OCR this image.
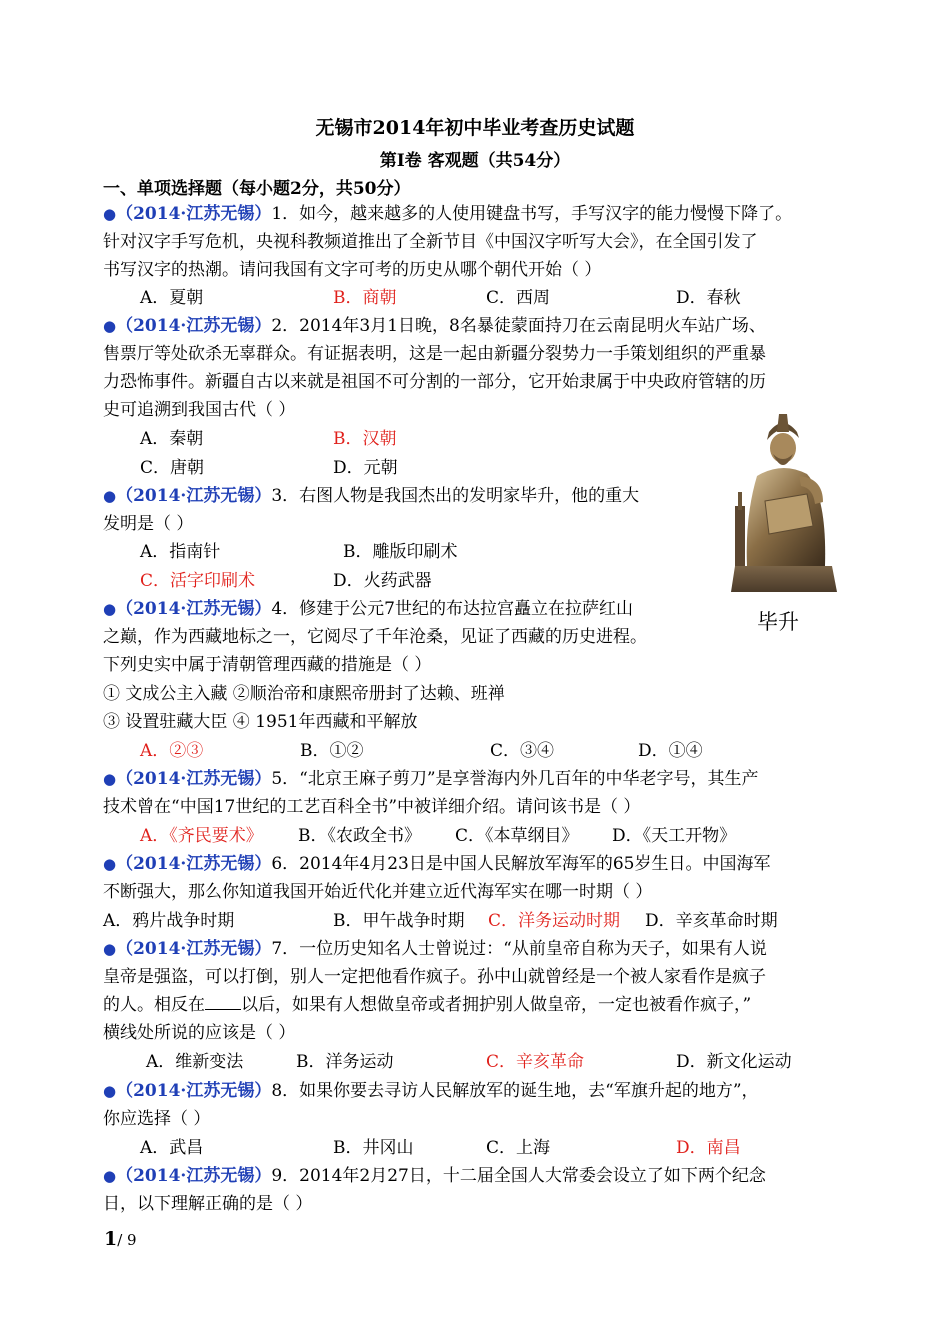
无锡市2014年初中毕业考查历史试题
第Ⅰ卷 客观题（共54分）
一、单项选择题（每小题2分，共50分）
●（2014·江苏无锡）1．如今，越来越多的人使用键盘书写，手写汉字的能力慢慢下降了。
针对汉字手写危机，央视科教频道推出了全新节目《中国汉字听写大会》，在全国引发了
书写汉字的热潮。请问我国有文字可考的历史从哪个朝代开始（ ）
A．夏朝	B．商朝	C．西周	D．春秋
●（2014·江苏无锡）2．2014年3月1日晚，8名暴徒蒙面持刀在云南昆明火车站广场、
售票厅等处砍杀无辜群众。有证据表明，这是一起由新疆分裂势力一手策划组织的严重暴
力恐怖事件。新疆自古以来就是祖国不可分割的一部分，它开始隶属于中央政府管辖的历
史可追溯到我国古代（ ）
A．秦朝	B．汉朝
C．唐朝	D．元朝
●（2014·江苏无锡）3．右图人物是我国杰出的发明家毕升，他的重大
发明是（ ）
A．指南针	B．雕版印刷术
C．活字印刷术	D．火药武器
毕升
●（2014·江苏无锡）4．修建于公元7世纪的布达拉宫矗立在拉萨红山
之巅，作为西藏地标之一，它阅尽了千年沧桑，见证了西藏的历史进程。
下列史实中属于清朝管理西藏的措施是（ ）
① 文成公主入藏 ②顺治帝和康熙帝册封了达赖、班禅
③ 设置驻藏大臣 ④ 1951年西藏和平解放
A．②③	B．①②	C．③④	D．①④
●（2014·江苏无锡）5．“北京王麻子剪刀”是享誉海内外几百年的中华老字号，其生产
技术曾在“中国17世纪的工艺百科全书”中被详细介绍。请问该书是（ ）
A．《齐民要术》 B．《农政全书》 C．《本草纲目》 D．《天工开物》
●（2014·江苏无锡）6．2014年4月23日是中国人民解放军海军的65岁生日。中国海军
不断强大，那么你知道我国开始近代化并建立近代海军实在哪一时期（ ）
A．鸦片战争时期	B．甲午战争时期 C．洋务运动时期 D．辛亥革命时期
●（2014·江苏无锡）7．一位历史知名人士曾说过：“从前皇帝自称为天子，如果有人说
皇帝是强盗，可以打倒，别人一定把他看作疯子。孙中山就曾经是一个被人家看作是疯子
的人。相反在 以后，如果有人想做皇帝或者拥护别人做皇帝，一定也被看作疯子，”
横线处所说的应该是（ ）
A．维新变法	B．洋务运动	C．辛亥革命	D．新文化运动
●（2014·江苏无锡）8．如果你要去寻访人民解放军的诞生地，去“军旗升起的地方”，
你应选择（ ）
A．武昌	B．井冈山	C．上海	D．南昌
●（2014·江苏无锡）9．2014年2月27日，十二届全国人大常委会设立了如下两个纪念
日，以下理解正确的是（ ）
1/ 9
